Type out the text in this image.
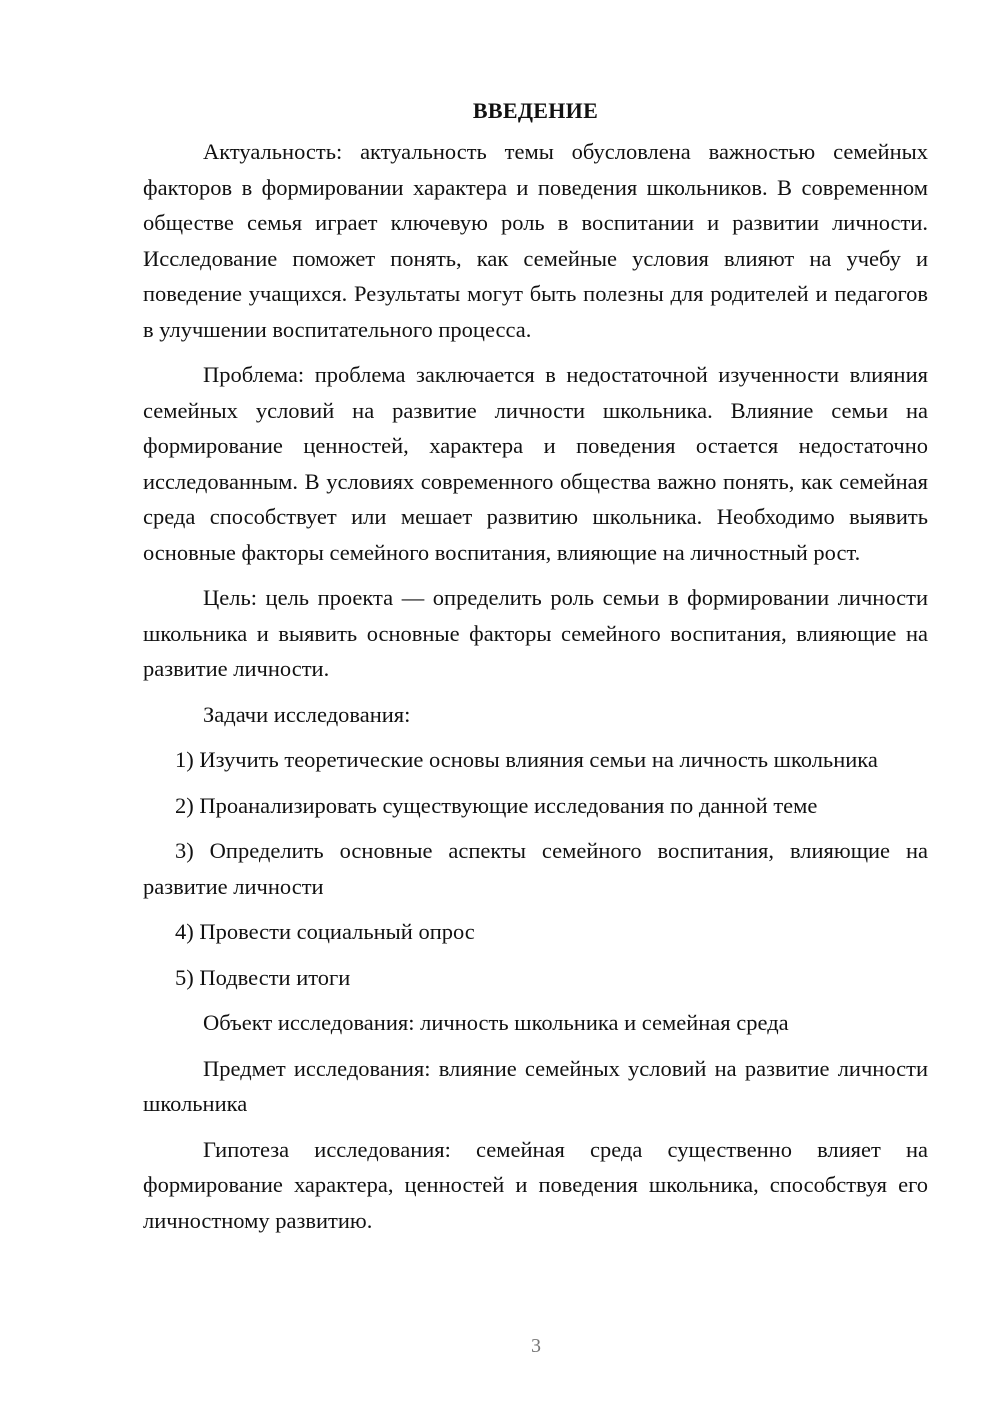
ВВЕДЕНИЕ

Актуальность: актуальность темы обусловлена важностью семейных факторов в формировании характера и поведения школьников. В современном обществе семья играет ключевую роль в воспитании и развитии личности. Исследование поможет понять, как семейные условия влияют на учебу и поведение учащихся. Результаты могут быть полезны для родителей и педагогов в улучшении воспитательного процесса.

Проблема: проблема заключается в недостаточной изученности влияния семейных условий на развитие личности школьника. Влияние семьи на формирование ценностей, характера и поведения остается недостаточно исследованным. В условиях современного общества важно понять, как семейная среда способствует или мешает развитию школьника. Необходимо выявить основные факторы семейного воспитания, влияющие на личностный рост.

Цель: цель проекта — определить роль семьи в формировании личности школьника и выявить основные факторы семейного воспитания, влияющие на развитие личности.

Задачи исследования:

1) Изучить теоретические основы влияния семьи на личность школьника

2) Проанализировать существующие исследования по данной теме

3) Определить основные аспекты семейного воспитания, влияющие на развитие личности

4) Провести социальный опрос

5) Подвести итоги

Объект исследования: личность школьника и семейная среда

Предмет исследования: влияние семейных условий на развитие личности школьника

Гипотеза исследования: семейная среда существенно влияет на формирование характера, ценностей и поведения школьника, способствуя его личностному развитию.

3
